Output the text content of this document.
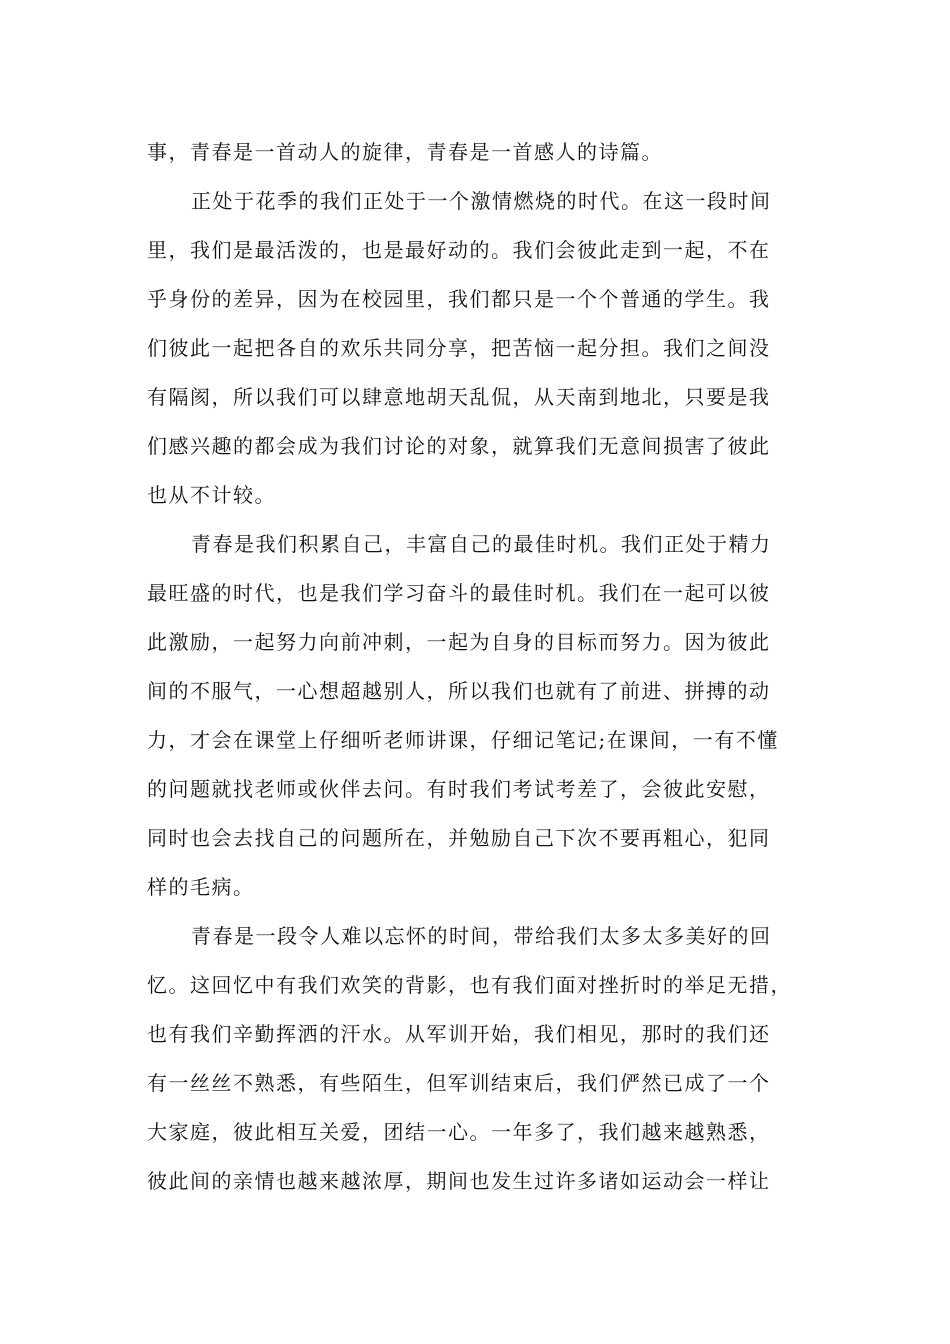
事，青春是一首动人的旋律，青春是一首感人的诗篇。
正处于花季的我们正处于一个激情燃烧的时代。在这一段时间
里，我们是最活泼的，也是最好动的。我们会彼此走到一起，不在
乎身份的差异，因为在校园里，我们都只是一个个普通的学生。我
们彼此一起把各自的欢乐共同分享，把苦恼一起分担。我们之间没
有隔阂，所以我们可以肆意地胡天乱侃，从天南到地北，只要是我
们感兴趣的都会成为我们讨论的对象，就算我们无意间损害了彼此
也从不计较。
青春是我们积累自己，丰富自己的最佳时机。我们正处于精力
最旺盛的时代，也是我们学习奋斗的最佳时机。我们在一起可以彼
此激励，一起努力向前冲刺，一起为自身的目标而努力。因为彼此
间的不服气，一心想超越别人，所以我们也就有了前进、拼搏的动
力，才会在课堂上仔细听老师讲课，仔细记笔记;在课间，一有不懂
的问题就找老师或伙伴去问。有时我们考试考差了，会彼此安慰，
同时也会去找自己的问题所在，并勉励自己下次不要再粗心，犯同
样的毛病。
青春是一段令人难以忘怀的时间，带给我们太多太多美好的回
忆。这回忆中有我们欢笑的背影，也有我们面对挫折时的举足无措，
也有我们辛勤挥洒的汗水。从军训开始，我们相见，那时的我们还
有一丝丝不熟悉，有些陌生，但军训结束后，我们俨然已成了一个
大家庭，彼此相互关爱，团结一心。一年多了，我们越来越熟悉，
彼此间的亲情也越来越浓厚，期间也发生过许多诸如运动会一样让
